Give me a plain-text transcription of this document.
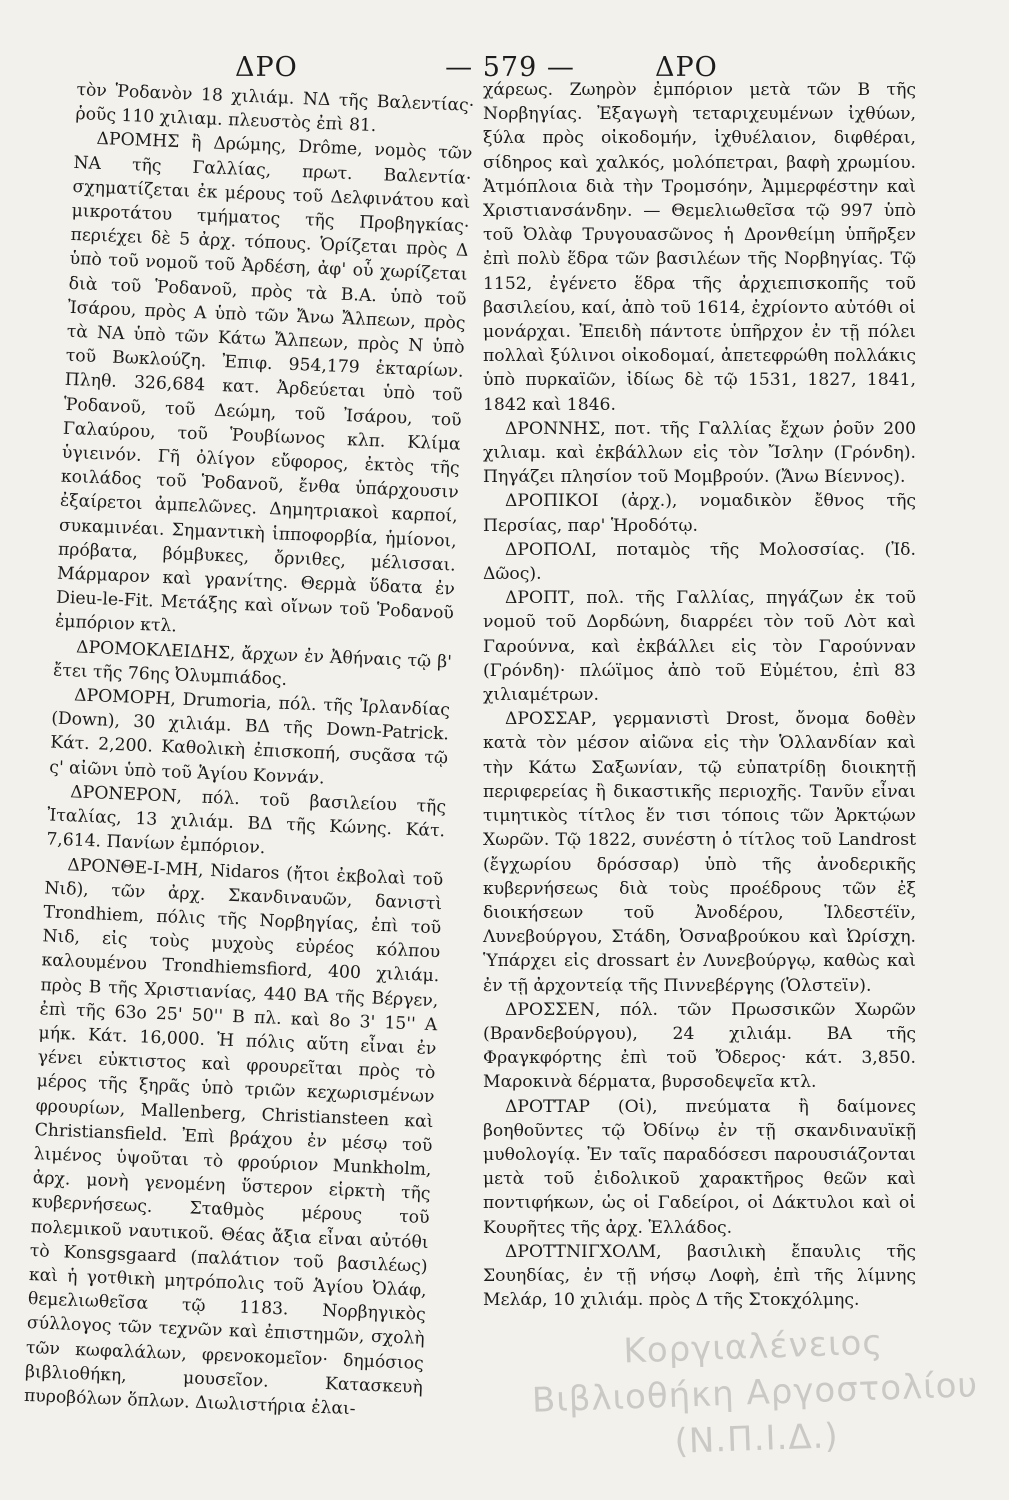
ΔΡΟ	— 579 —	ΔΡΟ

τὸν Ῥοδανὸν 18 χιλιάμ. ΝΔ τῆς Βαλεντίας· ῥοῦς 110 χιλιαμ. πλευστὸς ἐπὶ 81.

ΔΡΟΜΗΣ ἢ Δρώμης, Drôme, νομὸς τῶν ΝΑ τῆς Γαλλίας, πρωτ. Βαλεντία· σχηματίζεται ἐκ μέρους τοῦ Δελφινάτου καὶ μικροτάτου τμήματος τῆς Προβηγκίας· περιέχει δὲ 5 ἀρχ. τόπους. Ὁρίζεται πρὸς Δ ὑπὸ τοῦ νομοῦ τοῦ Ἀρδέση, ἀφ' οὗ χωρίζεται διὰ τοῦ Ῥοδανοῦ, πρὸς τὰ Β.Α. ὑπὸ τοῦ Ἰσάρου, πρὸς Α ὑπὸ τῶν Ἄνω Ἄλπεων, πρὸς τὰ ΝΑ ὑπὸ τῶν Κάτω Ἄλπεων, πρὸς Ν ὑπὸ τοῦ Βωκλούζη. Ἐπιφ. 954,179 ἑκταρίων. Πληθ. 326,684 κατ. Ἀρδεύεται ὑπὸ τοῦ Ῥοδανοῦ, τοῦ Δεώμη, τοῦ Ἰσάρου, τοῦ Γαλαύρου, τοῦ Ῥουβίωνος κλπ. Κλίμα ὑγιεινόν. Γῆ ὀλίγον εὔφορος, ἐκτὸς τῆς κοιλάδος τοῦ Ῥοδανοῦ, ἔνθα ὑπάρχουσιν ἐξαίρετοι ἀμπελῶνες. Δημητριακοὶ καρποί, συκαμινέαι. Σημαντικὴ ἱπποφορβία, ἡμίονοι, πρόβατα, βόμβυκες, ὄρνιθες, μέλισσαι. Μάρμαρον καὶ γρανίτης. Θερμὰ ὕδατα ἐν Dieu-le-Fit. Μετάξης καὶ οἴνων τοῦ Ῥοδανοῦ ἐμπόριον κτλ.

ΔΡΟΜΟΚΛΕΙΔΗΣ, ἄρχων ἐν Ἀθήναις τῷ β' ἔτει τῆς 76ης Ὀλυμπιάδος.

ΔΡΟΜΟΡΗ, Drumoria, πόλ. τῆς Ἰρλανδίας (Down), 30 χιλιάμ. ΒΔ τῆς Down-Patrick. Κάτ. 2,200. Καθολικὴ ἐπισκοπή, συςᾶσα τῷ ς' αἰῶνι ὑπὸ τοῦ Ἁγίου Κοννάν.

ΔΡΟΝΕΡΟΝ, πόλ. τοῦ βασιλείου τῆς Ἰταλίας, 13 χιλιάμ. ΒΔ τῆς Κώνης. Κάτ. 7,614. Πανίων ἐμπόριον.

ΔΡΟΝΘΕ-Ι-ΜΗ, Nidaros (ἤτοι ἐκβολαὶ τοῦ Νιδ), τῶν ἀρχ. Σκανδιναυῶν, δανιστὶ Trondhiem, πόλις τῆς Νορβηγίας, ἐπὶ τοῦ Νιδ, εἰς τοὺς μυχοὺς εὐρέος κόλπου καλουμένου Trondhiemsfiord, 400 χιλιάμ. πρὸς Β τῆς Χριστιανίας, 440 ΒΑ τῆς Βέργεν, ἐπὶ τῆς 63ο 25' 50'' Β πλ. καὶ 8ο 3' 15'' Α μήκ. Κάτ. 16,000. Ἡ πόλις αὕτη εἶναι ἐν γένει εὐκτιστος καὶ φρουρεῖται πρὸς τὸ μέρος τῆς ξηρᾶς ὑπὸ τριῶν κεχωρισμένων φρουρίων, Mallenberg, Christiansteen καὶ Christiansfield. Ἐπὶ βράχου ἐν μέσῳ τοῦ λιμένος ὑψοῦται τὸ φρούριον Munkholm, ἀρχ. μονὴ γενομένη ὕστερον εἱρκτὴ τῆς κυβερνήσεως. Σταθμὸς μέρους τοῦ πολεμικοῦ ναυτικοῦ. Θέας ἄξια εἶναι αὐτόθι τὸ Konsgsgaard (παλάτιον τοῦ βασιλέως) καὶ ἡ γοτθικὴ μητρόπολις τοῦ Ἁγίου Ὀλάφ, θεμελιωθεῖσα τῷ 1183. Νορβηγικὸς σύλλογος τῶν τεχνῶν καὶ ἐπιστημῶν, σχολὴ τῶν κωφαλάλων, φρενοκομεῖον· δημόσιος βιβλιοθήκη, μουσεῖον. Κατασκευὴ πυροβόλων ὅπλων. Διωλιστήρια ἐλαι-

χάρεως. Ζωηρὸν ἐμπόριον μετὰ τῶν Β τῆς Νορβηγίας. Ἐξαγωγὴ τεταριχευμένων ἰχθύων, ξύλα πρὸς οἰκοδομήν, ἰχθυέλαιον, διφθέραι, σίδηρος καὶ χαλκός, μολόπετραι, βαφὴ χρωμίου. Ἀτμόπλοια διὰ τὴν Τρομσόην, Ἀμμερφέστην καὶ Χριστιανσάνδην. — Θεμελιωθεῖσα τῷ 997 ὑπὸ τοῦ Ὀλὰφ Τρυγουασῶνος ἡ Δρονθείμη ὑπῆρξεν ἐπὶ πολὺ ἕδρα τῶν βασιλέων τῆς Νορβηγίας. Τῷ 1152, ἐγένετο ἕδρα τῆς ἀρχιεπισκοπῆς τοῦ βασιλείου, καί, ἀπὸ τοῦ 1614, ἐχρίοντο αὐτόθι οἱ μονάρχαι. Ἐπειδὴ πάντοτε ὑπῆρχον ἐν τῇ πόλει πολλαὶ ξύλινοι οἰκοδομαί, ἀπετεφρώθη πολλάκις ὑπὸ πυρκαϊῶν, ἰδίως δὲ τῷ 1531, 1827, 1841, 1842 καὶ 1846.

ΔΡΟΝΝΗΣ, ποτ. τῆς Γαλλίας ἔχων ῥοῦν 200 χιλιαμ. καὶ ἐκβάλλων εἰς τὸν Ἴσλην (Γρόνδη). Πηγάζει πλησίον τοῦ Μομβρούν. (Ἄνω Βίεννος).

ΔΡΟΠΙΚΟΙ (ἀρχ.), νομαδικὸν ἔθνος τῆς Περσίας, παρ' Ἡροδότῳ.

ΔΡΟΠΟΛΙ, ποταμὸς τῆς Μολοσσίας. (Ἰδ. Δῶος).

ΔΡΟΠΤ, πολ. τῆς Γαλλίας, πηγάζων ἐκ τοῦ νομοῦ τοῦ Δορδώνη, διαρρέει τὸν τοῦ Λὸτ καὶ Γαρούννα, καὶ ἐκβάλλει εἰς τὸν Γαρούνναν (Γρόνδη)· πλώϊμος ἀπὸ τοῦ Εὐμέτου, ἐπὶ 83 χιλιαμέτρων.

ΔΡΟΣΣΑΡ, γερμανιστὶ Drost, ὄνομα δοθὲν κατὰ τὸν μέσον αἰῶνα εἰς τὴν Ὁλλανδίαν καὶ τὴν Κάτω Σαξωνίαν, τῷ εὐπατρίδῃ διοικητῇ περιφερείας ἢ δικαστικῆς περιοχῆς. Τανῦν εἶναι τιμητικὸς τίτλος ἔν τισι τόποις τῶν Ἀρκτῴων Χωρῶν. Τῷ 1822, συνέστη ὁ τίτλος τοῦ Landrost (ἔγχωρίου δρόσσαρ) ὑπὸ τῆς ἀνοδερικῆς κυβερνήσεως διὰ τοὺς προέδρους τῶν ἐξ διοικήσεων τοῦ Ἀνοδέρου, Ἱλδεστέϊν, Λυνεβούργου, Στάδη, Ὀσναβρούκου καὶ Ὠρίσχη. Ὑπάρχει εἰς drossart ἐν Λυνεβούργῳ, καθὼς καὶ ἐν τῇ ἀρχοντείᾳ τῆς Πιννεβέργης (Ὁλστεϊν).

ΔΡΟΣΣΕΝ, πόλ. τῶν Πρωσσικῶν Χωρῶν (Βρανδεβούργου), 24 χιλιάμ. ΒΑ τῆς Φραγκφόρτης ἐπὶ τοῦ Ὄδερος· κάτ. 3,850. Μαροκινὰ δέρματα, βυρσοδεψεῖα κτλ.

ΔΡΟΤΤΑΡ (Οἱ), πνεύματα ἢ δαίμονες βοηθοῦντες τῷ Ὀδίνῳ ἐν τῇ σκανδιναυϊκῇ μυθολογίᾳ. Ἐν ταῖς παραδόσεσι παρουσιάζονται μετὰ τοῦ ἐιδολικοῦ χαρακτῆρος θεῶν καὶ ποντιφήκων, ὡς οἱ Γαδείροι, οἱ Δάκτυλοι καὶ οἱ Κουρῆτες τῆς ἀρχ. Ἑλλάδος.

ΔΡΟΤΤΝΙΓΧΟΛΜ, βασιλικὴ ἔπαυλις τῆς Σουηδίας, ἐν τῇ νήσῳ Λοφὴ, ἐπὶ τῆς λίμνης Μελάρ, 10 χιλιάμ. πρὸς Δ τῆς Στοκχόλμης.

Κοργιαλένειος Βιβλιοθήκη Αργοστολίου (Ν.Π.Ι.Δ.)
